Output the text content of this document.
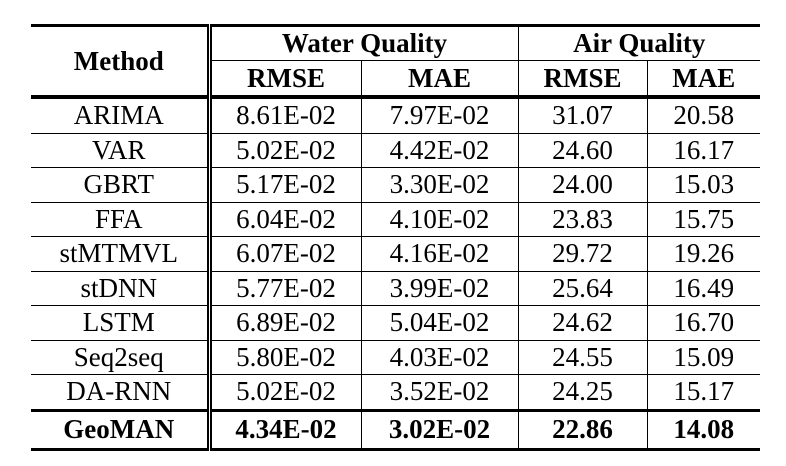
Method	Water Quality		Air Quality	
	RMSE	MAE	RMSE	MAE
ARIMA	8.61E-02	7.97E-02	31.07	20.58
VAR	5.02E-02	4.42E-02	24.60	16.17
GBRT	5.17E-02	3.30E-02	24.00	15.03
FFA	6.04E-02	4.10E-02	23.83	15.75
stMTMVL	6.07E-02	4.16E-02	29.72	19.26
stDNN	5.77E-02	3.99E-02	25.64	16.49
LSTM	6.89E-02	5.04E-02	24.62	16.70
Seq2seq	5.80E-02	4.03E-02	24.55	15.09
DA-RNN	5.02E-02	3.52E-02	24.25	15.17
GeoMAN	4.34E-02	3.02E-02	22.86	14.08
